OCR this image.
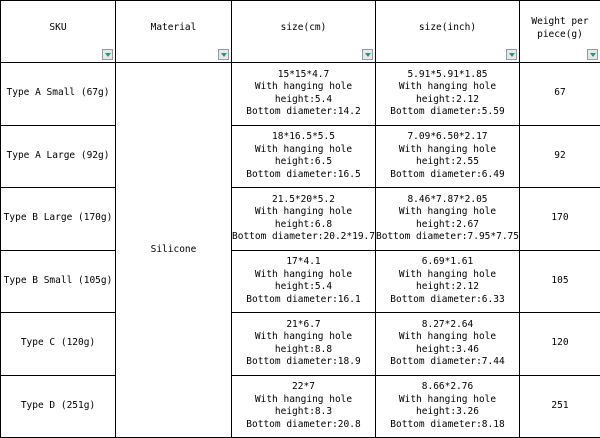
SKU	Material	size(cm)	size(inch)	Weight per piece(g)

Type A Small (67g)	Silicone	15*15*4.7
With hanging hole
height:5.4
Bottom diameter:14.2	5.91*5.91*1.85
With hanging hole
height:2.12
Bottom diameter:5.59	67
Type A Large (92g)		18*16.5*5.5
With hanging hole
height:6.5
Bottom diameter:16.5	7.09*6.50*2.17
With hanging hole
height:2.55
Bottom diameter:6.49	92
Type B Large (170g)		21.5*20*5.2
With hanging hole
height:6.8
Bottom diameter:20.2*19.7	8.46*7.87*2.05
With hanging hole
height:2.67
Bottom diameter:7.95*7.75	170
Type B Small (105g)		17*4.1
With hanging hole
height:5.4
Bottom diameter:16.1	6.69*1.61
With hanging hole
height:2.12
Bottom diameter:6.33	105
Type C (120g)		21*6.7
With hanging hole
height:8.8
Bottom diameter:18.9	8.27*2.64
With hanging hole
height:3.46
Bottom diameter:7.44	120
Type D (251g)		22*7
With hanging hole
height:8.3
Bottom diameter:20.8	8.66*2.76
With hanging hole
height:3.26
Bottom diameter:8.18	251
